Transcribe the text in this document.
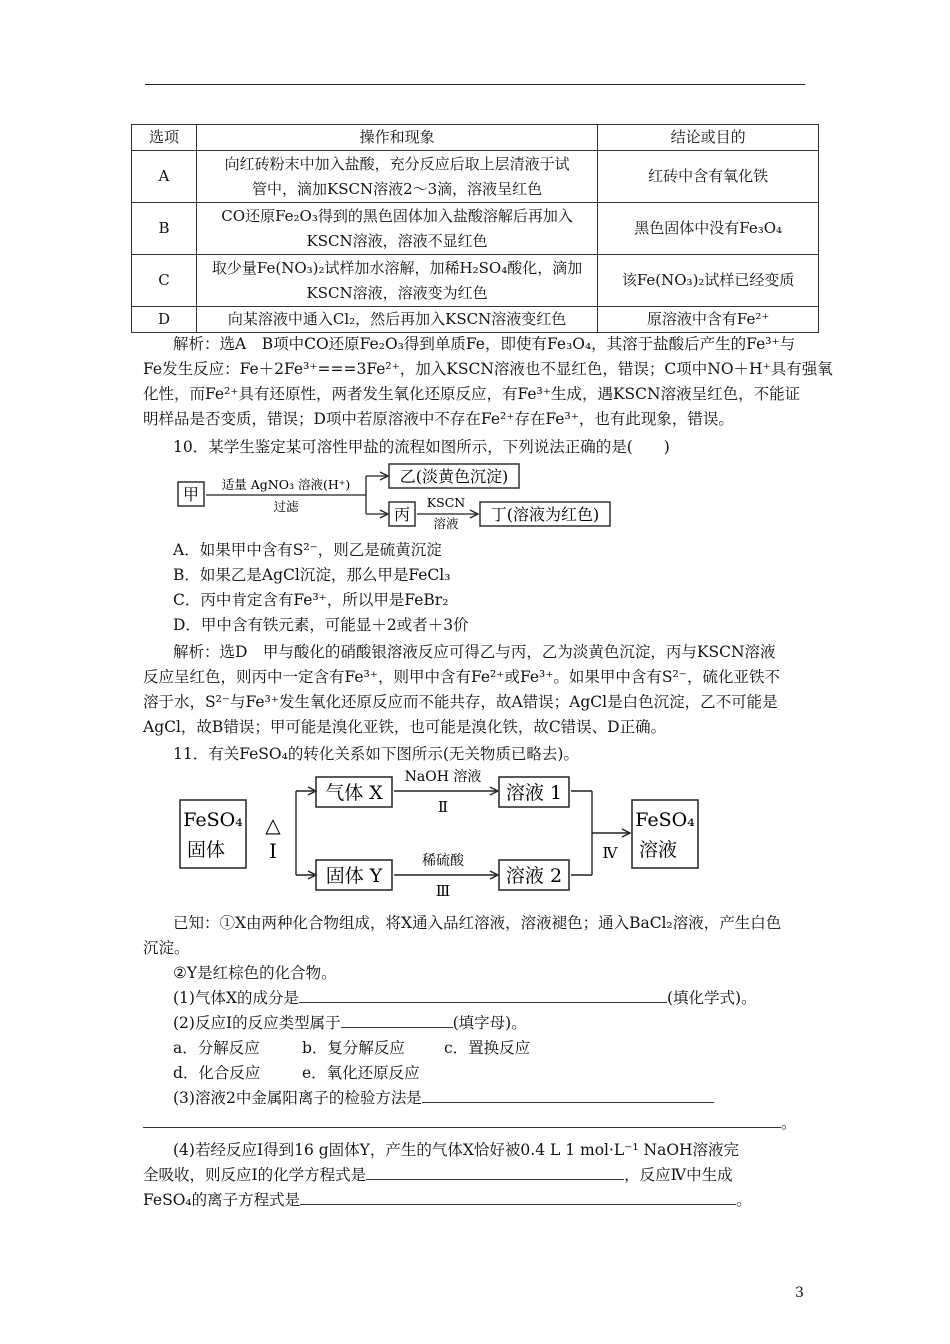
选项	操作和现象	结论或目的
A	向红砖粉末中加入盐酸，充分反应后取上层清液于试
管中，滴加KSCN溶液2～3滴，溶液呈红色	红砖中含有氧化铁
B	CO还原Fe₂O₃得到的黑色固体加入盐酸溶解后再加入
KSCN溶液，溶液不显红色	黑色固体中没有Fe₃O₄
C	取少量Fe(NO₃)₂试样加水溶解，加稀H₂SO₄酸化，滴加
KSCN溶液，溶液变为红色	该Fe(NO₃)₂试样已经变质
D	向某溶液中通入Cl₂，然后再加入KSCN溶液变红色	原溶液中含有Fe²⁺
解析：选A　B项中CO还原Fe₂O₃得到单质Fe，即使有Fe₃O₄，其溶于盐酸后产生的Fe³⁺与
Fe发生反应：Fe＋2Fe³⁺===3Fe²⁺，加入KSCN溶液也不显红色，错误；C项中NO＋H⁺具有强氧
化性，而Fe²⁺具有还原性，两者发生氧化还原反应，有Fe³⁺生成，遇KSCN溶液呈红色，不能证
明样品是否变质，错误；D项中若原溶液中不存在Fe²⁺存在Fe³⁺，也有此现象，错误。
10．某学生鉴定某可溶性甲盐的流程如图所示，下列说法正确的是(　　)
甲
适量 AgNO₃ 溶液(H⁺)
过滤
乙(淡黄色沉淀)
丙
KSCN
溶液 丁(溶液为红色)
A．如果甲中含有S²⁻，则乙是硫黄沉淀
B．如果乙是AgCl沉淀，那么甲是FeCl₃
C．丙中肯定含有Fe³⁺，所以甲是FeBr₂
D．甲中含有铁元素，可能显＋2或者＋3价
解析：选D　甲与酸化的硝酸银溶液反应可得乙与丙，乙为淡黄色沉淀，丙与KSCN溶液
反应呈红色，则丙中一定含有Fe³⁺，则甲中含有Fe²⁺或Fe³⁺。如果甲中含有S²⁻，硫化亚铁不
溶于水，S²⁻与Fe³⁺发生氧化还原反应而不能共存，故A错误；AgCl是白色沉淀，乙不可能是
AgCl，故B错误；甲可能是溴化亚铁，也可能是溴化铁，故C错误、D正确。
11．有关FeSO₄的转化关系如下图所示(无关物质已略去)。
FeSO₄
固体
△
Ⅰ
气体 X
NaOH 溶液
Ⅱ
溶液 1
固体 Y
稀硫酸
Ⅲ
溶液 2
Ⅳ
FeSO₄
溶液
已知：①X由两种化合物组成，将X通入品红溶液，溶液褪色；通入BaCl₂溶液，产生白色
沉淀。
②Y是红棕色的化合物。
(1)气体X的成分是	(填化学式)。
(2)反应Ⅰ的反应类型属于	(填字母)。
a．分解反应	b．复分解反应	c．置换反应
d．化合反应	e．氧化还原反应
(3)溶液2中金属阳离子的检验方法是
。
(4)若经反应Ⅰ得到16 g固体Y，产生的气体X恰好被0.4 L 1 mol·L⁻¹ NaOH溶液完
全吸收，则反应Ⅰ的化学方程式是	，反应Ⅳ中生成
FeSO₄的离子方程式是	。
3
